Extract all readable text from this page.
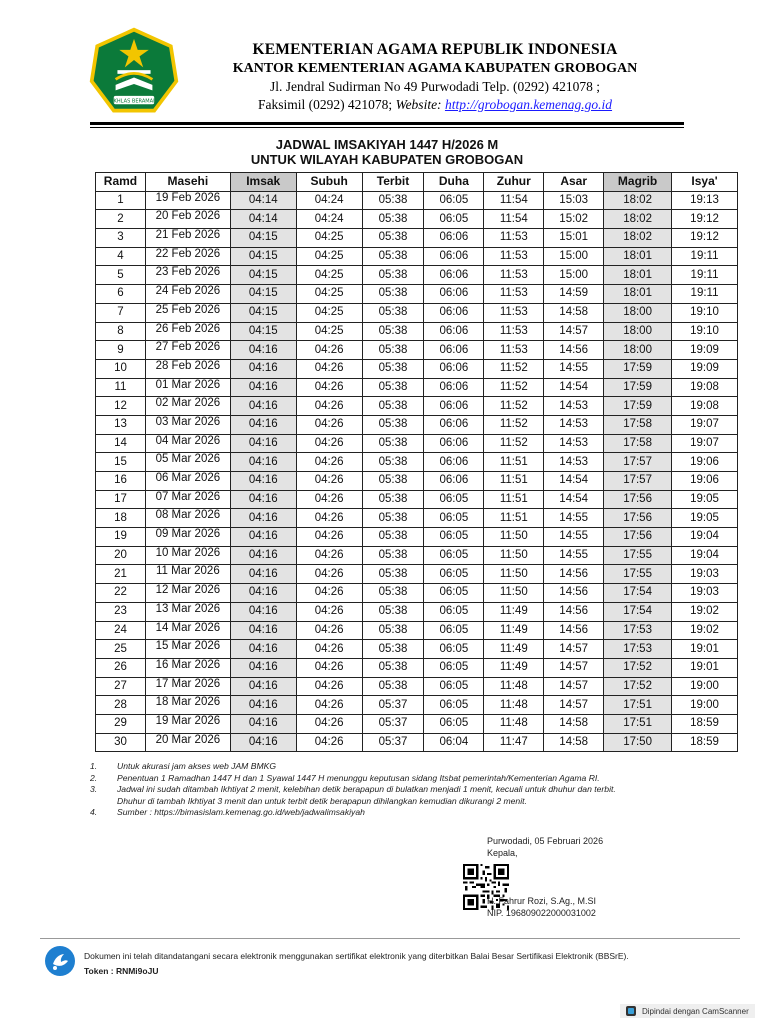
IKHLAS BERAMAL
KEMENTERIAN AGAMA REPUBLIK INDONESIA
KANTOR KEMENTERIAN AGAMA KABUPATEN GROBOGAN
Jl. Jendral Sudirman No 49 Purwodadi Telp. (0292) 421078 ;
Faksimil (0292) 421078; Website: http://grobogan.kemenag.go.id
JADWAL IMSAKIYAH 1447 H/2026 M
UNTUK WILAYAH KABUPATEN GROBOGAN
Ramd	Masehi	Imsak	Subuh	Terbit	Duha	Zuhur	Asar	Magrib	Isya'
1	19 Feb 2026	04:14	04:24	05:38	06:05	11:54	15:03	18:02	19:13
2	20 Feb 2026	04:14	04:24	05:38	06:05	11:54	15:02	18:02	19:12
3	21 Feb 2026	04:15	04:25	05:38	06:06	11:53	15:01	18:02	19:12
4	22 Feb 2026	04:15	04:25	05:38	06:06	11:53	15:00	18:01	19:11
5	23 Feb 2026	04:15	04:25	05:38	06:06	11:53	15:00	18:01	19:11
6	24 Feb 2026	04:15	04:25	05:38	06:06	11:53	14:59	18:01	19:11
7	25 Feb 2026	04:15	04:25	05:38	06:06	11:53	14:58	18:00	19:10
8	26 Feb 2026	04:15	04:25	05:38	06:06	11:53	14:57	18:00	19:10
9	27 Feb 2026	04:16	04:26	05:38	06:06	11:53	14:56	18:00	19:09
10	28 Feb 2026	04:16	04:26	05:38	06:06	11:52	14:55	17:59	19:09
11	01 Mar 2026	04:16	04:26	05:38	06:06	11:52	14:54	17:59	19:08
12	02 Mar 2026	04:16	04:26	05:38	06:06	11:52	14:53	17:59	19:08
13	03 Mar 2026	04:16	04:26	05:38	06:06	11:52	14:53	17:58	19:07
14	04 Mar 2026	04:16	04:26	05:38	06:06	11:52	14:53	17:58	19:07
15	05 Mar 2026	04:16	04:26	05:38	06:06	11:51	14:53	17:57	19:06
16	06 Mar 2026	04:16	04:26	05:38	06:06	11:51	14:54	17:57	19:06
17	07 Mar 2026	04:16	04:26	05:38	06:05	11:51	14:54	17:56	19:05
18	08 Mar 2026	04:16	04:26	05:38	06:05	11:51	14:55	17:56	19:05
19	09 Mar 2026	04:16	04:26	05:38	06:05	11:50	14:55	17:56	19:04
20	10 Mar 2026	04:16	04:26	05:38	06:05	11:50	14:55	17:55	19:04
21	11 Mar 2026	04:16	04:26	05:38	06:05	11:50	14:56	17:55	19:03
22	12 Mar 2026	04:16	04:26	05:38	06:05	11:50	14:56	17:54	19:03
23	13 Mar 2026	04:16	04:26	05:38	06:05	11:49	14:56	17:54	19:02
24	14 Mar 2026	04:16	04:26	05:38	06:05	11:49	14:56	17:53	19:02
25	15 Mar 2026	04:16	04:26	05:38	06:05	11:49	14:57	17:53	19:01
26	16 Mar 2026	04:16	04:26	05:38	06:05	11:49	14:57	17:52	19:01
27	17 Mar 2026	04:16	04:26	05:38	06:05	11:48	14:57	17:52	19:00
28	18 Mar 2026	04:16	04:26	05:37	06:05	11:48	14:57	17:51	19:00
29	19 Mar 2026	04:16	04:26	05:37	06:05	11:48	14:58	17:51	18:59
30	20 Mar 2026	04:16	04:26	05:37	06:04	11:47	14:58	17:50	18:59
1. Untuk akurasi jam akses web JAM BMKG
2. Penentuan 1 Ramadhan 1447 H dan 1 Syawal 1447 H menunggu keputusan sidang Itsbat pemerintah/Kementerian Agama RI.
3. Jadwal ini sudah ditambah Ikhtiyat 2 menit, kelebihan detik berapapun di bulatkan menjadi 1 menit, kecuali untuk dhuhur dan terbit.
Dhuhur di tambah Ikhtiyat 3 menit dan untuk terbit detik berapapun dihilangkan kemudian dikurangi 2 menit.
4. Sumber : https://bimasislam.kemenag.go.id/web/jadwalimsakiyah
Purwodadi, 05 Februari 2026
Kepala,
H. Fahrur Rozi, S.Ag., M.SI
NIP. 196809022000031002
Dokumen ini telah ditandatangani secara elektronik menggunakan sertifikat elektronik yang diterbitkan Balai Besar Sertifikasi Elektronik (BBSrE).
Token : RNMi9oJU
Dipindai dengan CamScanner
